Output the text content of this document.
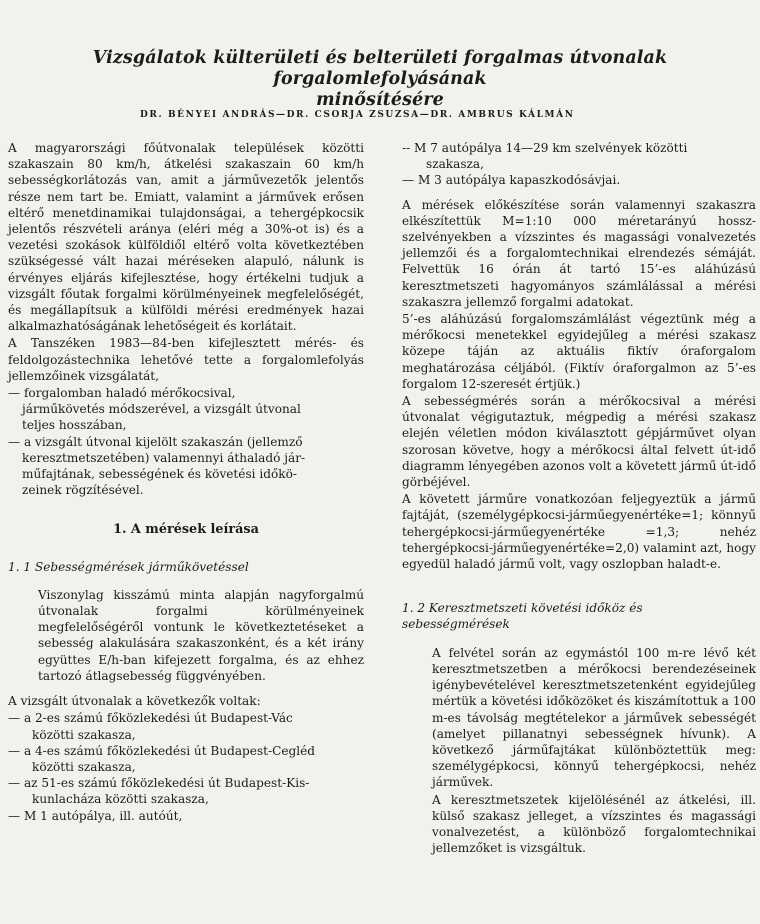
Vizsgálatok külterületi és belterületi forgalmas útvonalak forgalomlefolyásának
minősítésére
DR. BÉNYEI ANDRÁS—DR. CSORJA ZSUZSA—DR. AMBRUS KÁLMÁN

A magyarországi főútvonalak települések közötti szakaszain 80 km/h, átkelési szakaszain 60 km/h sebességkorlátozás van, amit a járművezetők jelentős része nem tart be. Emiatt, valamint a járművek erősen eltérő menetdinamikai tulajdonságai, a tehergépkocsik jelentős részvételi aránya (eléri még a 30%-ot is) és a vezetési szokások külföldiől eltérő volta következtében szükségessé vált hazai méréseken alapuló, nálunk is érvényes eljárás kifejlesztése, hogy értékelni tudjuk a vizsgált főutak forgalmi körülményeinek megfelelőségét, és megállapítsuk a külföldi mérési eredmények hazai alkalmazhatóságának lehetőségeit és korlátait.

A Tanszéken 1983—84-ben kifejlesztett mérés- és feldolgozástechnika lehetővé tette a forgalomlefolyás jellemzőinek vizsgálatát,

— forgalomban haladó mérőkocsival,
járműkövetés módszerével, a vizsgált útvonal
teljes hosszában,
— a vizsgált útvonal kijelölt szakaszán (jellemző
keresztmetszetében) valamennyi áthaladó jár-
műfajtának, sebességének és követési időkö-
zeinek rögzítésével.
1. A mérések leírása
1. 1 Sebességmérések járműkövetéssel

Viszonylag kisszámú minta alapján nagyforgalmú útvonalak forgalmi körülményeinek megfelelőségéről vontunk le következtetéseket a sebesség alakulására szakaszonként, és a két irány együttes E/h-ban kifejezett forgalma, és az ehhez tartozó átlagsebesség függvényében.

A vizsgált útvonalak a következők voltak:

— a 2-es számú főközlekedési út Budapest-Vác
közötti szakasza,
— a 4-es számú főközlekedési út Budapest-Cegléd
közötti szakasza,
— az 51-es számú főközlekedési út Budapest-Kis-
kunlacháza közötti szakasza,
— M 1 autópálya, ill. autóút,
-- M 7 autópálya 14—29 km szelvények közötti
szakasza,
— M 3 autópálya kapaszkodósávjai.

A mérések előkészítése során valamennyi szakaszra elkészítettük M=1:10 000 méretarányú hossz-szelvényekben a vízszintes és magassági vonalvezetés jellemzői és a forgalomtechnikai elrendezés sémáját. Felvettük 16 órán át tartó 15’-es aláhúzású keresztmetszeti hagyományos számlálással a mérési szakaszra jellemző forgalmi adatokat.

5’-es aláhúzású forgalomszámlálást végeztünk még a mérőkocsi menetekkel egyidejűleg a mérési szakasz közepe táján az aktuális fiktív óraforgalom meghatározása céljából. (Fiktív óraforgalmon az 5’-es forgalom 12-szeresét értjük.)

A sebességmérés során a mérőkocsival a mérési útvonalat végigutaztuk, mégpedig a mérési szakasz elején véletlen módon kiválasztott gépjárművet olyan szorosan követve, hogy a mérőkocsi által felvett út-idő diagramm lényegében azonos volt a követett jármű út-idő görbéjével.

A követett járműre vonatkozóan feljegyeztük a jármű fajtáját, (személygépkocsi-járműegyenértéke=1; könnyű tehergépkocsi-járműegyenértéke =1,3; nehéz tehergépkocsi-járműegyenértéke=2,0) valamint azt, hogy egyedül haladó jármű volt, vagy oszlopban haladt-e.

1. 2 Keresztmetszeti követési időköz és sebességmérések

A felvétel során az egymástól 100 m-re lévő két keresztmetszetben a mérőkocsi berendezéseinek igénybevételével keresztmetszetenként egyidejűleg mértük a követési időközöket és kiszámítottuk a 100 m-es távolság megtételekor a járművek sebességét (amelyet pillanatnyi sebességnek hívunk). A következő járműfajtákat különböztettük meg: személygépkocsi, könnyű tehergépkocsi, nehéz járművek.

A keresztmetszetek kijelölésénél az átkelési, ill. külső szakasz jelleget, a vízszintes és magassági vonalvezetést, a különböző forgalomtechnikai jellemzőket is vizsgáltuk.
